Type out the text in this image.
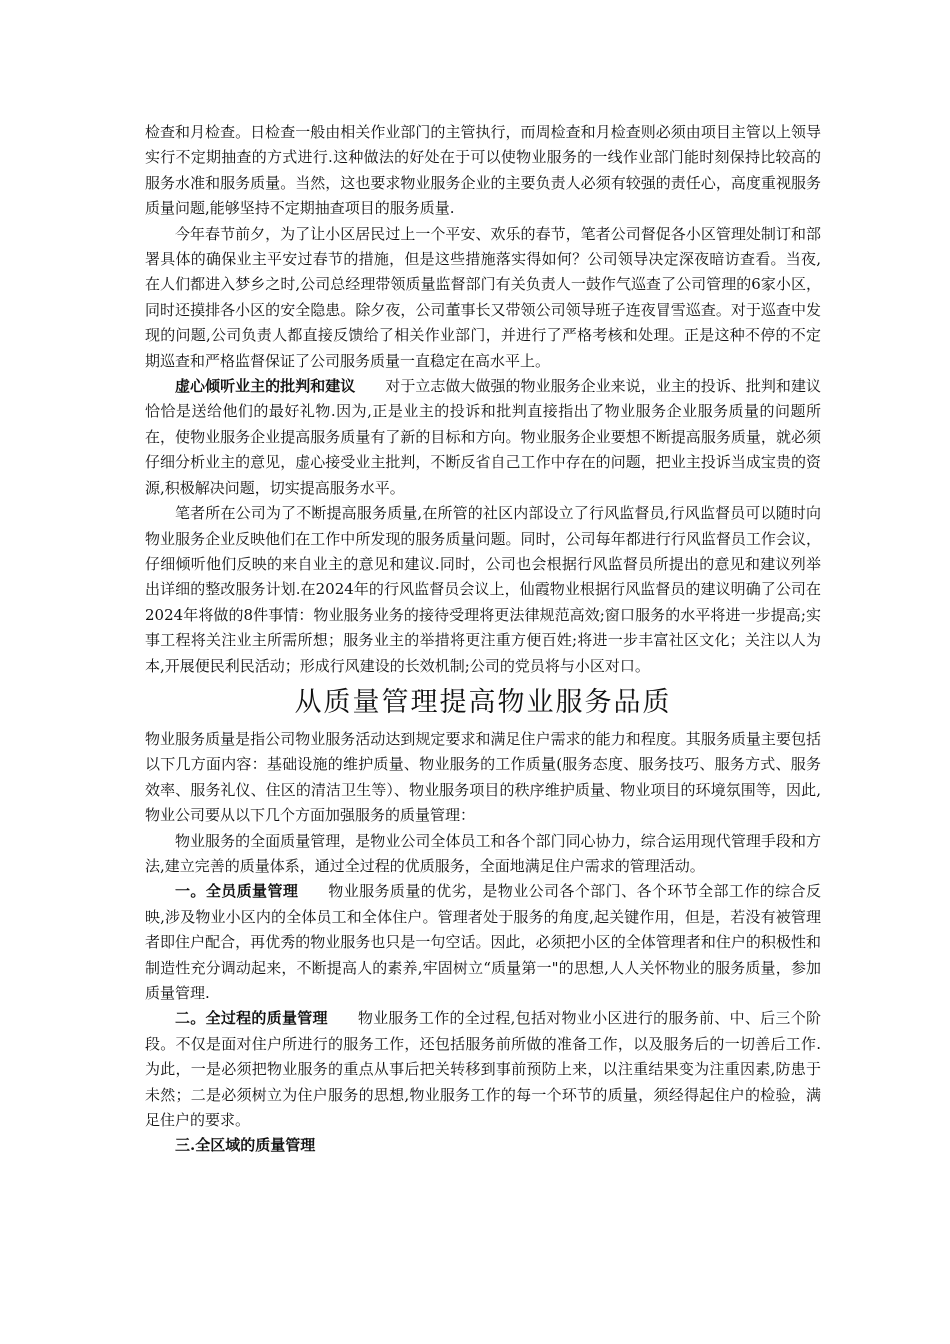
检查和月检查。日检查一般由相关作业部门的主管执行，而周检查和月检查则必须由项目主管以上领导实行不定期抽查的方式进行.这种做法的好处在于可以使物业服务的一线作业部门能时刻保持比较高的服务水准和服务质量。当然，这也要求物业服务企业的主要负责人必须有较强的责任心，高度重视服务质量问题,能够坚持不定期抽查项目的服务质量.

今年春节前夕，为了让小区居民过上一个平安、欢乐的春节，笔者公司督促各小区管理处制订和部署具体的确保业主平安过春节的措施，但是这些措施落实得如何？公司领导决定深夜暗访查看。当夜,在人们都进入梦乡之时,公司总经理带领质量监督部门有关负责人一鼓作气巡查了公司管理的6家小区，同时还摸排各小区的安全隐患。除夕夜，公司董事长又带领公司领导班子连夜冒雪巡查。对于巡查中发现的问题,公司负责人都直接反馈给了相关作业部门，并进行了严格考核和处理。正是这种不停的不定期巡查和严格监督保证了公司服务质量一直稳定在高水平上。

虚心倾听业主的批判和建议 对于立志做大做强的物业服务企业来说，业主的投诉、批判和建议恰恰是送给他们的最好礼物.因为,正是业主的投诉和批判直接指出了物业服务企业服务质量的问题所在，使物业服务企业提高服务质量有了新的目标和方向。物业服务企业要想不断提高服务质量，就必须仔细分析业主的意见，虚心接受业主批判，不断反省自己工作中存在的问题，把业主投诉当成宝贵的资源,积极解决问题，切实提高服务水平。

笔者所在公司为了不断提高服务质量,在所管的社区内部设立了行风监督员,行风监督员可以随时向物业服务企业反映他们在工作中所发现的服务质量问题。同时，公司每年都进行行风监督员工作会议，仔细倾听他们反映的来自业主的意见和建议.同时，公司也会根据行风监督员所提出的意见和建议列举出详细的整改服务计划.在2024年的行风监督员会议上，仙霞物业根据行风监督员的建议明确了公司在2024年将做的8件事情：物业服务业务的接待受理将更法律规范高效;窗口服务的水平将进一步提高;实事工程将关注业主所需所想；服务业主的举措将更注重方便百姓;将进一步丰富社区文化；关注以人为本,开展便民利民活动；形成行风建设的长效机制;公司的党员将与小区对口。

从质量管理提高物业服务品质

物业服务质量是指公司物业服务活动达到规定要求和满足住户需求的能力和程度。其服务质量主要包括以下几方面内容：基础设施的维护质量、物业服务的工作质量(服务态度、服务技巧、服务方式、服务效率、服务礼仪、住区的清洁卫生等）、物业服务项目的秩序维护质量、物业项目的环境氛围等，因此,物业公司要从以下几个方面加强服务的质量管理：

物业服务的全面质量管理，是物业公司全体员工和各个部门同心协力，综合运用现代管理手段和方法,建立完善的质量体系，通过全过程的优质服务，全面地满足住户需求的管理活动。

一。全员质量管理 物业服务质量的优劣，是物业公司各个部门、各个环节全部工作的综合反映,涉及物业小区内的全体员工和全体住户。管理者处于服务的角度,起关键作用，但是，若没有被管理者即住户配合，再优秀的物业服务也只是一句空话。因此，必须把小区的全体管理者和住户的积极性和制造性充分调动起来，不断提高人的素养,牢固树立“质量第一"的思想,人人关怀物业的服务质量，参加质量管理.

二。全过程的质量管理 物业服务工作的全过程,包括对物业小区进行的服务前、中、后三个阶段。不仅是面对住户所进行的服务工作，还包括服务前所做的准备工作，以及服务后的一切善后工作.为此，一是必须把物业服务的重点从事后把关转移到事前预防上来，以注重结果变为注重因素,防患于未然；二是必须树立为住户服务的思想,物业服务工作的每一个环节的质量，须经得起住户的检验，满足住户的要求。

三.全区域的质量管理
